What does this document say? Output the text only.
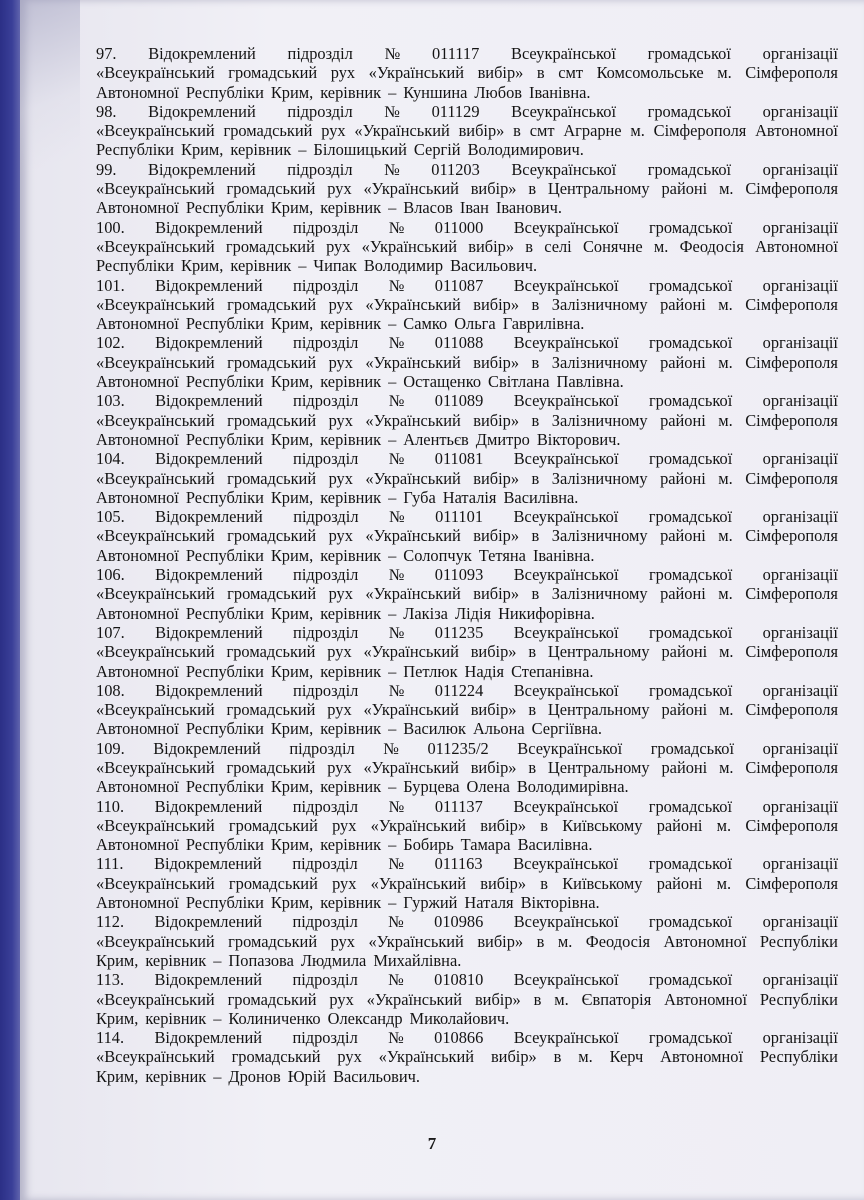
97. Відокремлений підрозділ № 011117 Всеукраїнської громадської організації
«Всеукраїнський громадський рух «Український вибір» в смт Комсомольське м. Сімферополя
Автономної Республіки Крим, керівник – Куншина Любов Іванівна.
98. Відокремлений підрозділ № 011129 Всеукраїнської громадської організації
«Всеукраїнський громадський рух «Український вибір» в смт Аграрне м. Сімферополя Автономної
Республіки Крим, керівник – Білошицький Сергій Володимирович.
99. Відокремлений підрозділ № 011203 Всеукраїнської громадської організації
«Всеукраїнський громадський рух «Український вибір» в Центральному районі м. Сімферополя
Автономної Республіки Крим, керівник – Власов Іван Іванович.
100. Відокремлений підрозділ № 011000 Всеукраїнської громадської організації
«Всеукраїнський громадський рух «Український вибір» в селі Сонячне м. Феодосія Автономної
Республіки Крим, керівник – Чипак Володимир Васильович.
101. Відокремлений підрозділ № 011087 Всеукраїнської громадської організації
«Всеукраїнський громадський рух «Український вибір» в Залізничному районі м. Сімферополя
Автономної Республіки Крим, керівник – Самко Ольга Гаврилівна.
102. Відокремлений підрозділ № 011088 Всеукраїнської громадської організації
«Всеукраїнський громадський рух «Український вибір» в Залізничному районі м. Сімферополя
Автономної Республіки Крим, керівник – Остащенко Світлана Павлівна.
103. Відокремлений підрозділ № 011089 Всеукраїнської громадської організації
«Всеукраїнський громадський рух «Український вибір» в Залізничному районі м. Сімферополя
Автономної Республіки Крим, керівник – Алентьєв Дмитро Вікторович.
104. Відокремлений підрозділ № 011081 Всеукраїнської громадської організації
«Всеукраїнський громадський рух «Український вибір» в Залізничному районі м. Сімферополя
Автономної Республіки Крим, керівник – Губа Наталія Василівна.
105. Відокремлений підрозділ № 011101 Всеукраїнської громадської організації
«Всеукраїнський громадський рух «Український вибір» в Залізничному районі м. Сімферополя
Автономної Республіки Крим, керівник – Солопчук Тетяна Іванівна.
106. Відокремлений підрозділ № 011093 Всеукраїнської громадської організації
«Всеукраїнський громадський рух «Український вибір» в Залізничному районі м. Сімферополя
Автономної Республіки Крим, керівник – Лакіза Лідія Никифорівна.
107. Відокремлений підрозділ № 011235 Всеукраїнської громадської організації
«Всеукраїнський громадський рух «Український вибір» в Центральному районі м. Сімферополя
Автономної Республіки Крим, керівник – Петлюк Надія Степанівна.
108. Відокремлений підрозділ № 011224 Всеукраїнської громадської організації
«Всеукраїнський громадський рух «Український вибір» в Центральному районі м. Сімферополя
Автономної Республіки Крим, керівник – Василюк Альона Сергіївна.
109. Відокремлений підрозділ № 011235/2 Всеукраїнської громадської організації
«Всеукраїнський громадський рух «Український вибір» в Центральному районі м. Сімферополя
Автономної Республіки Крим, керівник – Бурцева Олена Володимирівна.
110. Відокремлений підрозділ № 011137 Всеукраїнської громадської організації
«Всеукраїнський громадський рух «Український вибір» в Київському районі м. Сімферополя
Автономної Республіки Крим, керівник – Бобирь Тамара Василівна.
111. Відокремлений підрозділ № 011163 Всеукраїнської громадської організації
«Всеукраїнський громадський рух «Український вибір» в Київському районі м. Сімферополя
Автономної Республіки Крим, керівник – Гуржий Наталя Вікторівна.
112. Відокремлений підрозділ № 010986 Всеукраїнської громадської організації
«Всеукраїнський громадський рух «Український вибір» в м. Феодосія Автономної Республіки
Крим, керівник – Попазова Людмила Михайлівна.
113. Відокремлений підрозділ № 010810 Всеукраїнської громадської організації
«Всеукраїнський громадський рух «Український вибір» в м. Євпаторія Автономної Республіки
Крим, керівник – Колиниченко Олександр Миколайович.
114. Відокремлений підрозділ № 010866 Всеукраїнської громадської організації
«Всеукраїнський громадський рух «Український вибір» в м. Керч Автономної Республіки
Крим, керівник – Дронов Юрій Васильович.
7
